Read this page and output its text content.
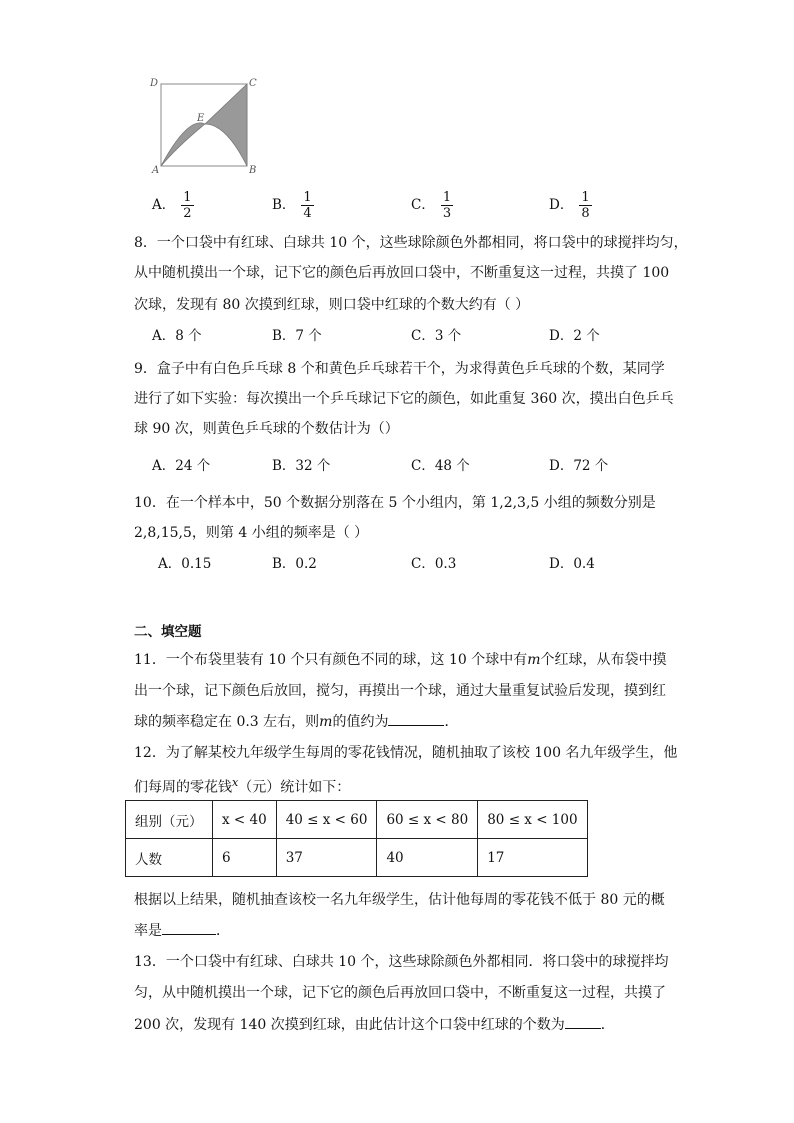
D	C
E
A	B
A． $\frac{1}{2}$	B． $\frac{1}{4}$	C． $\frac{1}{3}$	D． $\frac{1}{8}$
8．一个口袋中有红球、白球共 10 个，这些球除颜色外都相同，将口袋中的球搅拌均匀，
从中随机摸出一个球，记下它的颜色后再放回口袋中，不断重复这一过程，共摸了 100
次球，发现有 80 次摸到红球，则口袋中红球的个数大约有（ ）
A．8 个	B．7 个	C．3 个	D．2 个
9．盒子中有白色乒乓球 8 个和黄色乒乓球若干个，为求得黄色乒乓球的个数，某同学
进行了如下实验：每次摸出一个乒乓球记下它的颜色，如此重复 360 次，摸出白色乒乓
球 90 次，则黄色乒乓球的个数估计为（）
A．24 个	B．32 个	C．48 个	D．72 个
10．在一个样本中，50 个数据分别落在 5 个小组内，第 1,2,3,5 小组的频数分别是
2,8,15,5，则第 4 小组的频率是（ ）
A．0.15	B．0.2	C．0.3	D．0.4
二、填空题
11．一个布袋里装有 10 个只有颜色不同的球，这 10 个球中有m个红球，从布袋中摸
出一个球，记下颜色后放回，搅匀，再摸出一个球，通过大量重复试验后发现，摸到红
球的频率稳定在 0.3 左右，则m的值约为	．
12．为了解某校九年级学生每周的零花钱情况，随机抽取了该校 100 名九年级学生，他
们每周的零花钱$^x$（元）统计如下：
组别（元）	x < 40	40 ≤ x < 60	60 ≤ x < 80	80 ≤ x < 100
人数	6	37	40	17
根据以上结果，随机抽查该校一名九年级学生，估计他每周的零花钱不低于 80 元的概
率是	．
13．一个口袋中有红球、白球共 10 个，这些球除颜色外都相同．将口袋中的球搅拌均
匀，从中随机摸出一个球，记下它的颜色后再放回口袋中，不断重复这一过程，共摸了
200 次，发现有 140 次摸到红球，由此估计这个口袋中红球的个数为	．
